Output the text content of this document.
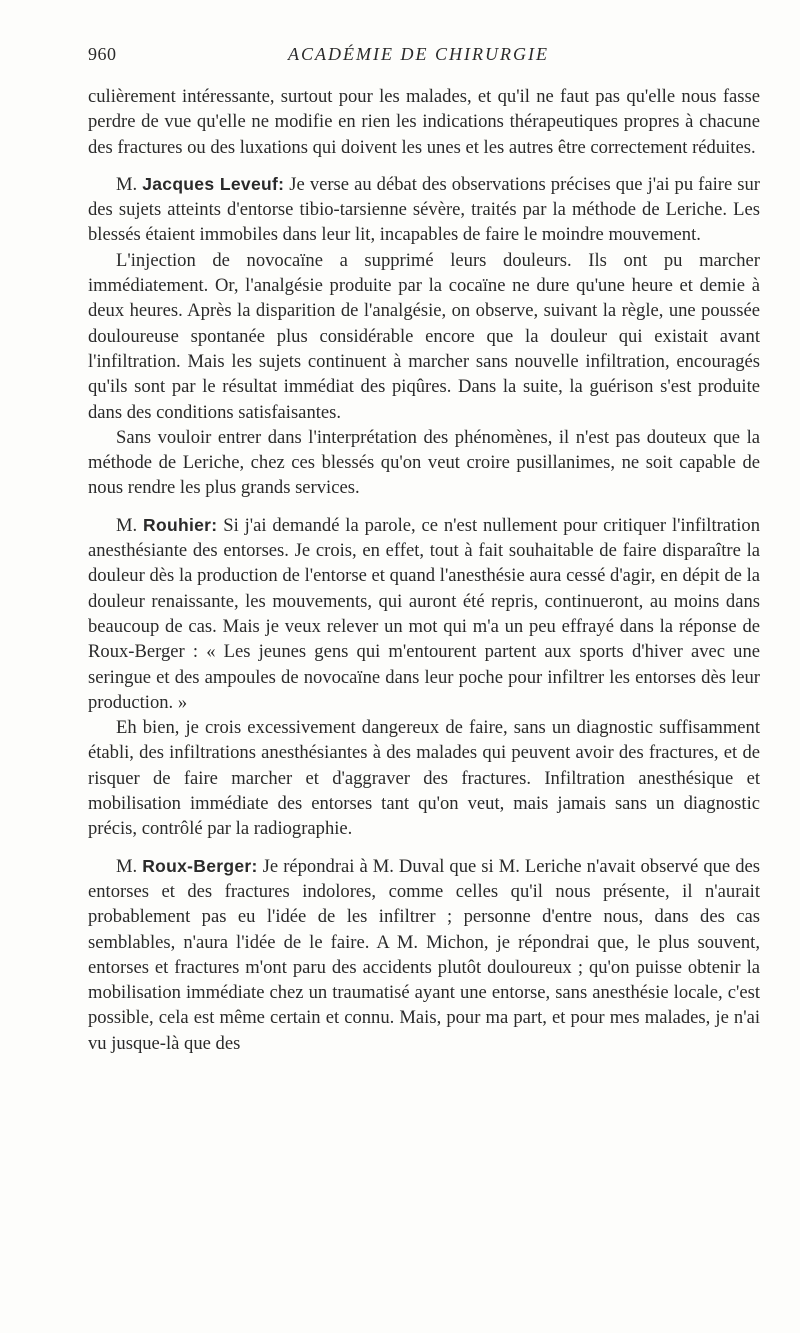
960	ACADÉMIE DE CHIRURGIE

culièrement intéressante, surtout pour les malades, et qu'il ne faut pas qu'elle nous fasse perdre de vue qu'elle ne modifie en rien les indications thérapeutiques propres à chacune des fractures ou des luxations qui doivent les unes et les autres être correctement réduites.

M. Jacques Leveuf: Je verse au débat des observations précises que j'ai pu faire sur des sujets atteints d'entorse tibio-tarsienne sévère, traités par la méthode de Leriche. Les blessés étaient immobiles dans leur lit, incapables de faire le moindre mouvement.

L'injection de novocaïne a supprimé leurs douleurs. Ils ont pu marcher immédiatement. Or, l'analgésie produite par la cocaïne ne dure qu'une heure et demie à deux heures. Après la disparition de l'analgésie, on observe, suivant la règle, une poussée douloureuse spontanée plus considérable encore que la douleur qui existait avant l'infiltration. Mais les sujets continuent à marcher sans nouvelle infiltration, encouragés qu'ils sont par le résultat immédiat des piqûres. Dans la suite, la guérison s'est produite dans des conditions satisfaisantes.

Sans vouloir entrer dans l'interprétation des phénomènes, il n'est pas douteux que la méthode de Leriche, chez ces blessés qu'on veut croire pusillanimes, ne soit capable de nous rendre les plus grands services.

M. Rouhier: Si j'ai demandé la parole, ce n'est nullement pour critiquer l'infiltration anesthésiante des entorses. Je crois, en effet, tout à fait souhaitable de faire disparaître la douleur dès la production de l'entorse et quand l'anesthésie aura cessé d'agir, en dépit de la douleur renaissante, les mouvements, qui auront été repris, continueront, au moins dans beaucoup de cas. Mais je veux relever un mot qui m'a un peu effrayé dans la réponse de Roux-Berger : « Les jeunes gens qui m'entourent partent aux sports d'hiver avec une seringue et des ampoules de novocaïne dans leur poche pour infiltrer les entorses dès leur production. »

Eh bien, je crois excessivement dangereux de faire, sans un diagnostic suffisamment établi, des infiltrations anesthésiantes à des malades qui peuvent avoir des fractures, et de risquer de faire marcher et d'aggraver des fractures. Infiltration anesthésique et mobilisation immédiate des entorses tant qu'on veut, mais jamais sans un diagnostic précis, contrôlé par la radiographie.

M. Roux-Berger: Je répondrai à M. Duval que si M. Leriche n'avait observé que des entorses et des fractures indolores, comme celles qu'il nous présente, il n'aurait probablement pas eu l'idée de les infiltrer ; personne d'entre nous, dans des cas semblables, n'aura l'idée de le faire. A M. Michon, je répondrai que, le plus souvent, entorses et fractures m'ont paru des accidents plutôt douloureux ; qu'on puisse obtenir la mobilisation immédiate chez un traumatisé ayant une entorse, sans anesthésie locale, c'est possible, cela est même certain et connu. Mais, pour ma part, et pour mes malades, je n'ai vu jusque-là que des
